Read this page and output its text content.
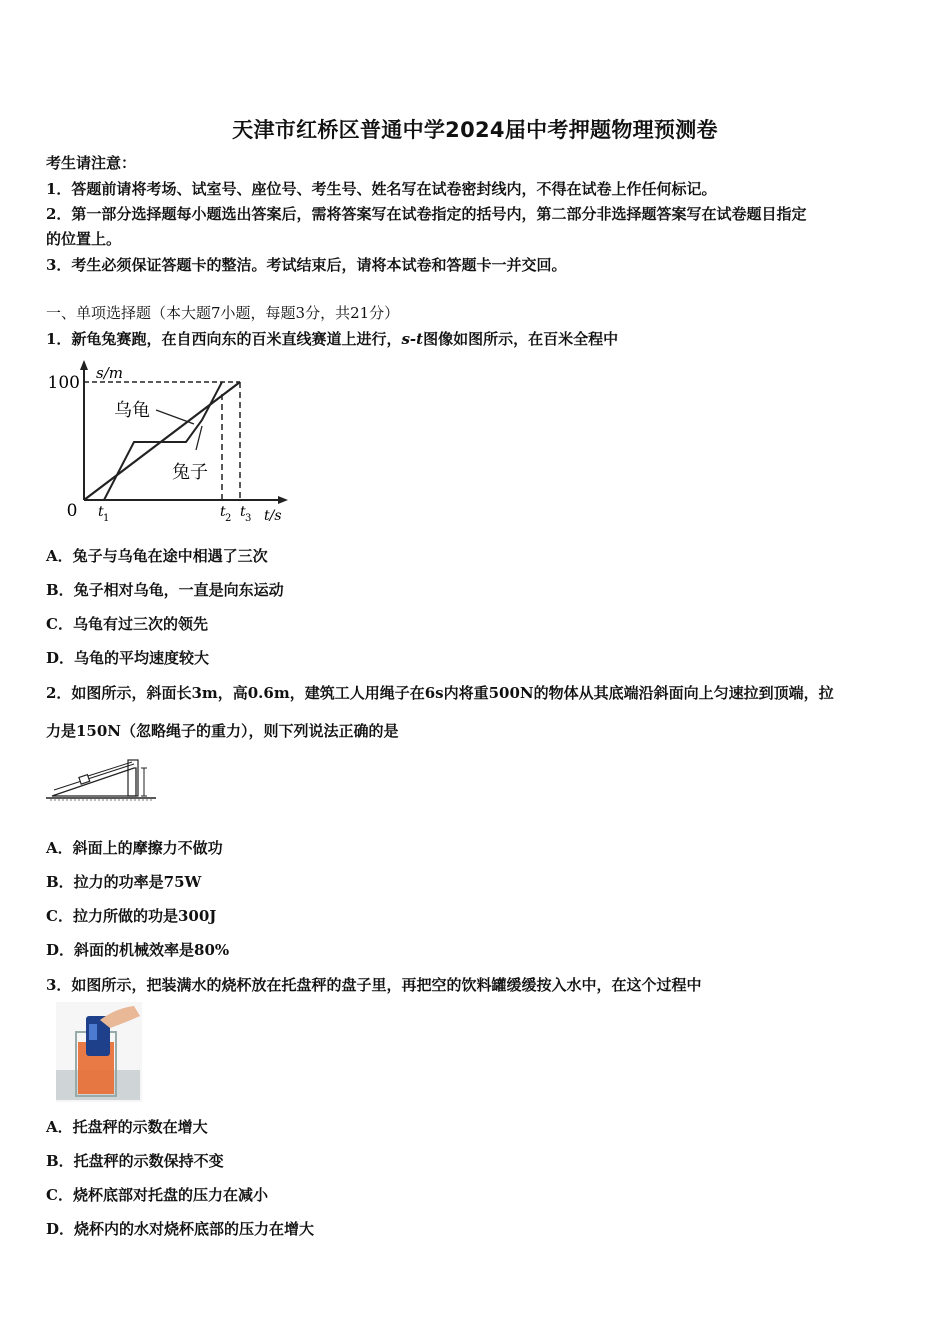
天津市红桥区普通中学2024届中考押题物理预测卷
考生请注意：
1．答题前请将考场、试室号、座位号、考生号、姓名写在试卷密封线内，不得在试卷上作任何标记。
2．第一部分选择题每小题选出答案后，需将答案写在试卷指定的括号内，第二部分非选择题答案写在试卷题目指定
的位置上。
3．考生必须保证答题卡的整洁。考试结束后，请将本试卷和答题卡一并交回。
一、单项选择题（本大题7小题，每题3分，共21分）
1．新龟兔赛跑，在自西向东的百米直线赛道上进行，s-t图像如图所示，在百米全程中
100 s/m
0
乌龟
兔子
t 1	t 2 t 3 t/s
A．兔子与乌龟在途中相遇了三次
B．兔子相对乌龟，一直是向东运动
C．乌龟有过三次的领先
D．乌龟的平均速度较大
2．如图所示，斜面长3m，高0.6m，建筑工人用绳子在6s内将重500N的物体从其底端沿斜面向上匀速拉到顶端，拉
力是150N（忽略绳子的重力），则下列说法正确的是
A．斜面上的摩擦力不做功
B．拉力的功率是75W
C．拉力所做的功是300J
D．斜面的机械效率是80%
3．如图所示，把装满水的烧杯放在托盘秤的盘子里，再把空的饮料罐缓缓按入水中，在这个过程中
A．托盘秤的示数在增大
B．托盘秤的示数保持不变
C．烧杯底部对托盘的压力在减小
D．烧杯内的水对烧杯底部的压力在增大
